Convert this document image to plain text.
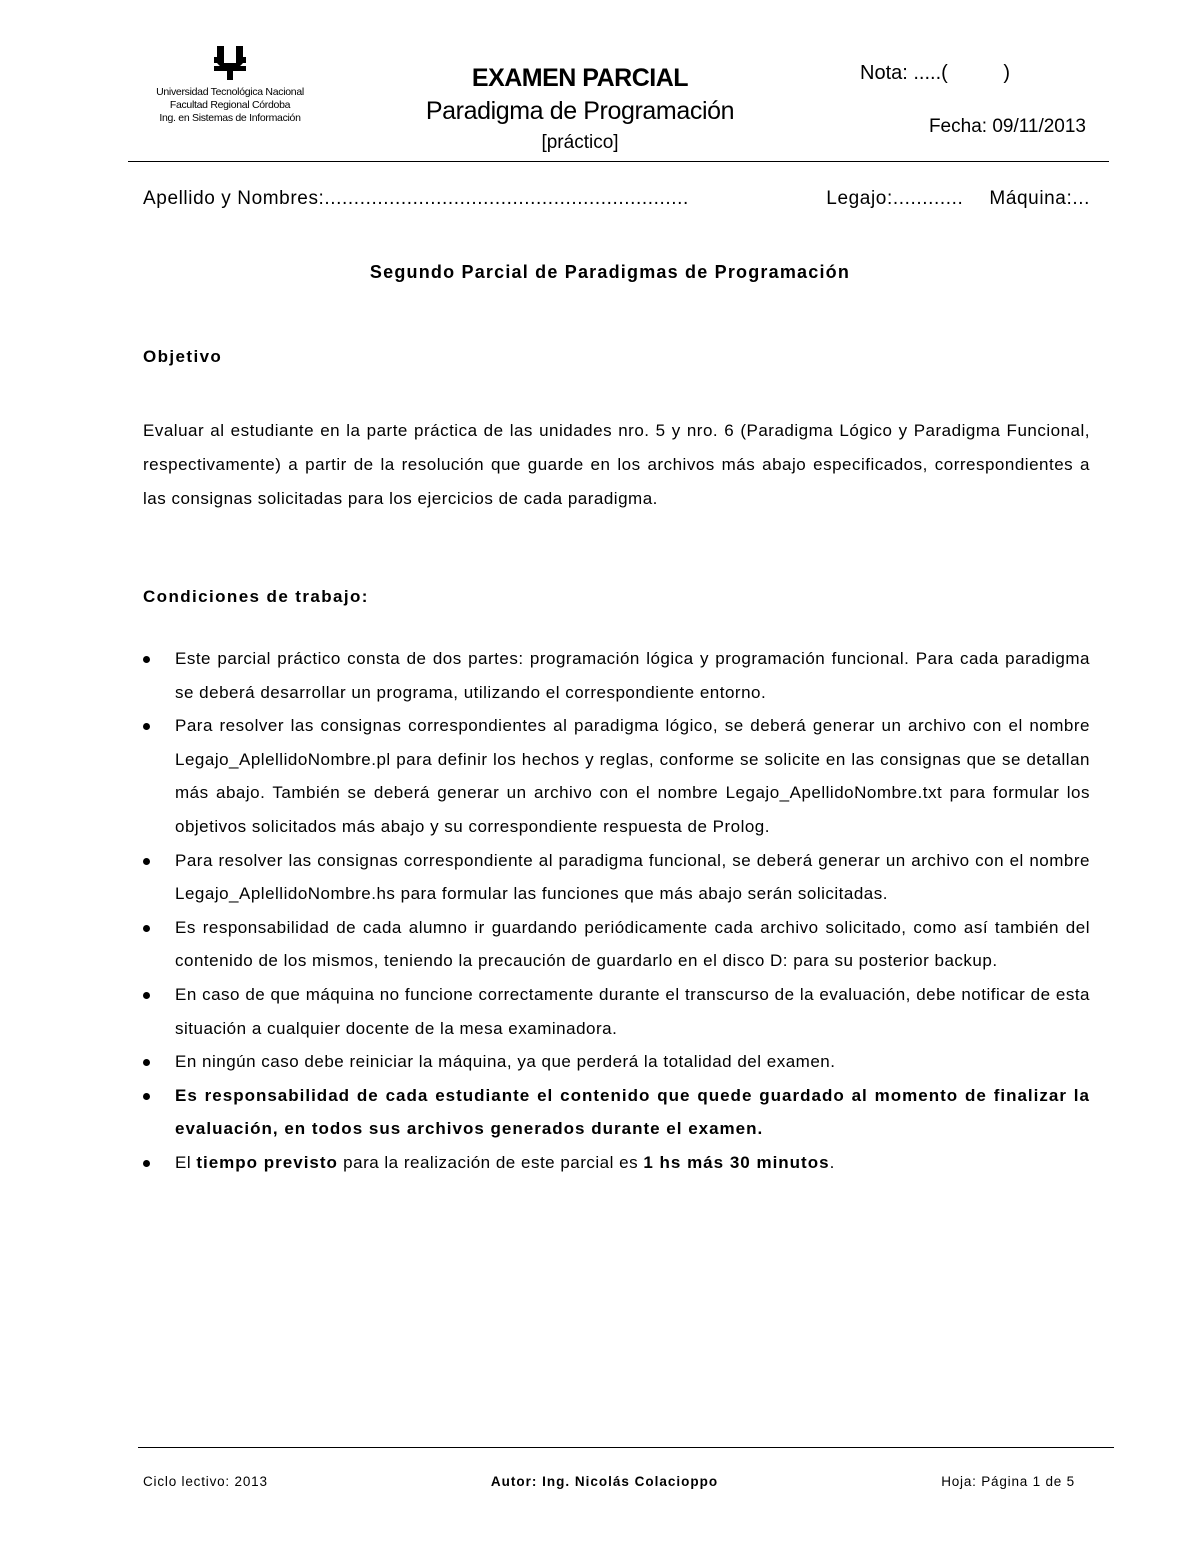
Universidad Tecnológica Nacional
Facultad Regional Córdoba
Ing. en Sistemas de Información
EXAMEN PARCIAL
Paradigma de Programación
[práctico]
Nota: .....(          )
Fecha: 09/11/2013
Apellido y Nombres:..............................................................	Legajo:............ Máquina:...
Segundo Parcial de Paradigmas de Programación
Objetivo
Evaluar al estudiante en la parte práctica de las unidades nro. 5 y nro. 6 (Paradigma Lógico y Paradigma Funcional, respectivamente) a partir de la resolución que guarde en los archivos más abajo especificados, correspondientes a las consignas solicitadas para los ejercicios de cada paradigma.
Condiciones de trabajo:
Este parcial práctico consta de dos partes: programación lógica y programación funcional. Para cada paradigma se deberá desarrollar un programa, utilizando el correspondiente entorno.
Para resolver las consignas correspondientes al paradigma lógico, se deberá generar un archivo con el nombre Legajo_AplellidoNombre.pl para definir los hechos y reglas, conforme se solicite en las consignas que se detallan más abajo. También se deberá generar un archivo con el nombre Legajo_ApellidoNombre.txt para formular los objetivos solicitados más abajo y su correspondiente respuesta de Prolog.
Para resolver las consignas correspondiente al paradigma funcional, se deberá generar un archivo con el nombre Legajo_AplellidoNombre.hs para formular las funciones que más abajo serán solicitadas.
Es responsabilidad de cada alumno ir guardando periódicamente cada archivo solicitado, como así también del contenido de los mismos, teniendo la precaución de guardarlo en el disco D: para su posterior backup.
En caso de que máquina no funcione correctamente durante el transcurso de la evaluación, debe notificar de esta situación a cualquier docente de la mesa examinadora.
En ningún caso debe reiniciar la máquina, ya que perderá la totalidad del examen.
Es responsabilidad de cada estudiante el contenido que quede guardado al momento de finalizar la evaluación, en todos sus archivos generados durante el examen.
El tiempo previsto para la realización de este parcial es 1 hs más 30 minutos.
Ciclo lectivo: 2013	Autor: Ing. Nicolás Colacioppo	Hoja: Página 1 de 5
